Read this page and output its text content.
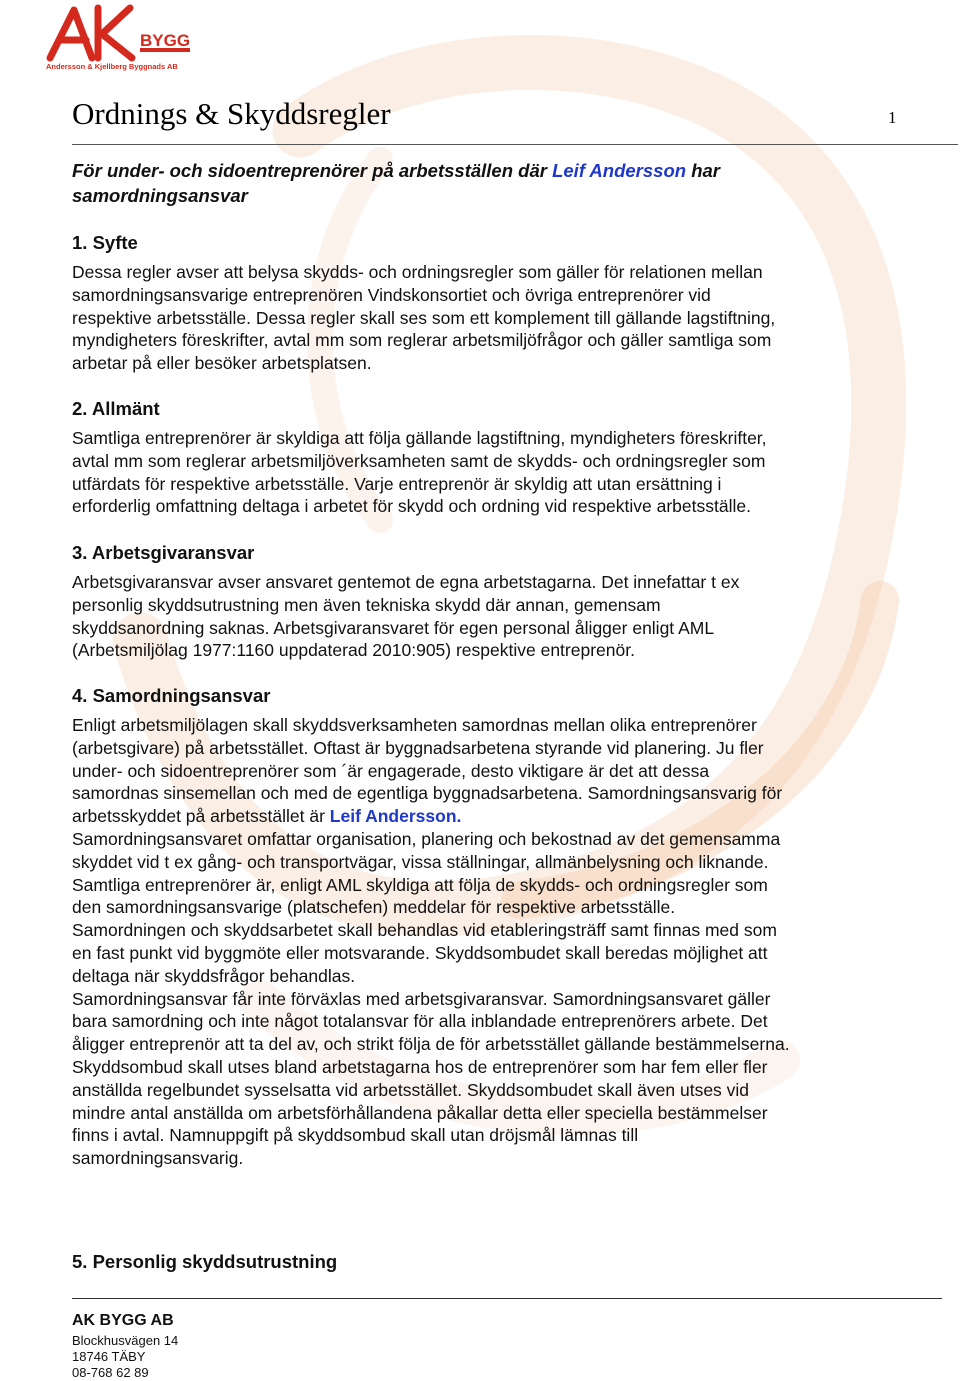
BYGG
Andersson & Kjellberg Byggnads AB
Ordnings & Skyddsregler	1
För under- och sidoentreprenörer på arbetsställen där Leif Andersson har
samordningsansvar
1. Syfte
Dessa regler avser att belysa skydds- och ordningsregler som gäller för relationen mellan
samordningsansvarige entreprenören Vindskonsortiet och övriga entreprenörer vid
respektive arbetsställe. Dessa regler skall ses som ett komplement till gällande lagstiftning,
myndigheters föreskrifter, avtal mm som reglerar arbetsmiljöfrågor och gäller samtliga som
arbetar på eller besöker arbetsplatsen.
2. Allmänt
Samtliga entreprenörer är skyldiga att följa gällande lagstiftning, myndigheters föreskrifter,
avtal mm som reglerar arbetsmiljöverksamheten samt de skydds- och ordningsregler som
utfärdats för respektive arbetsställe. Varje entreprenör är skyldig att utan ersättning i
erforderlig omfattning deltaga i arbetet för skydd och ordning vid respektive arbetsställe.
3. Arbetsgivaransvar
Arbetsgivaransvar avser ansvaret gentemot de egna arbetstagarna. Det innefattar t ex
personlig skyddsutrustning men även tekniska skydd där annan, gemensam
skyddsanordning saknas. Arbetsgivaransvaret för egen personal åligger enligt AML
(Arbetsmiljölag 1977:1160 uppdaterad 2010:905) respektive entreprenör.
4. Samordningsansvar
Enligt arbetsmiljölagen skall skyddsverksamheten samordnas mellan olika entreprenörer
(arbetsgivare) på arbetsstället. Oftast är byggnadsarbetena styrande vid planering. Ju fler
under- och sidoentreprenörer som ´är engagerade, desto viktigare är det att dessa
samordnas sinsemellan och med de egentliga byggnadsarbetena. Samordningsansvarig för
arbetsskyddet på arbetsstället är Leif Andersson.
Samordningsansvaret omfattar organisation, planering och bekostnad av det gemensamma
skyddet vid t ex gång- och transportvägar, vissa ställningar, allmänbelysning och liknande.
Samtliga entreprenörer är, enligt AML skyldiga att följa de skydds- och ordningsregler som
den samordningsansvarige (platschefen) meddelar för respektive arbetsställe.
Samordningen och skyddsarbetet skall behandlas vid etableringsträff samt finnas med som
en fast punkt vid byggmöte eller motsvarande. Skyddsombudet skall beredas möjlighet att
deltaga när skyddsfrågor behandlas.
Samordningsansvar får inte förväxlas med arbetsgivaransvar. Samordningsansvaret gäller
bara samordning och inte något totalansvar för alla inblandade entreprenörers arbete. Det
åligger entreprenör att ta del av, och strikt följa de för arbetsstället gällande bestämmelserna.
Skyddsombud skall utses bland arbetstagarna hos de entreprenörer som har fem eller fler
anställda regelbundet sysselsatta vid arbetsstället. Skyddsombudet skall även utses vid
mindre antal anställda om arbetsförhållandena påkallar detta eller speciella bestämmelser
finns i avtal. Namnuppgift på skyddsombud skall utan dröjsmål lämnas till
samordningsansvarig.
5. Personlig skyddsutrustning
AK BYGG AB
Blockhusvägen 14
18746 TÄBY
08-768 62 89
